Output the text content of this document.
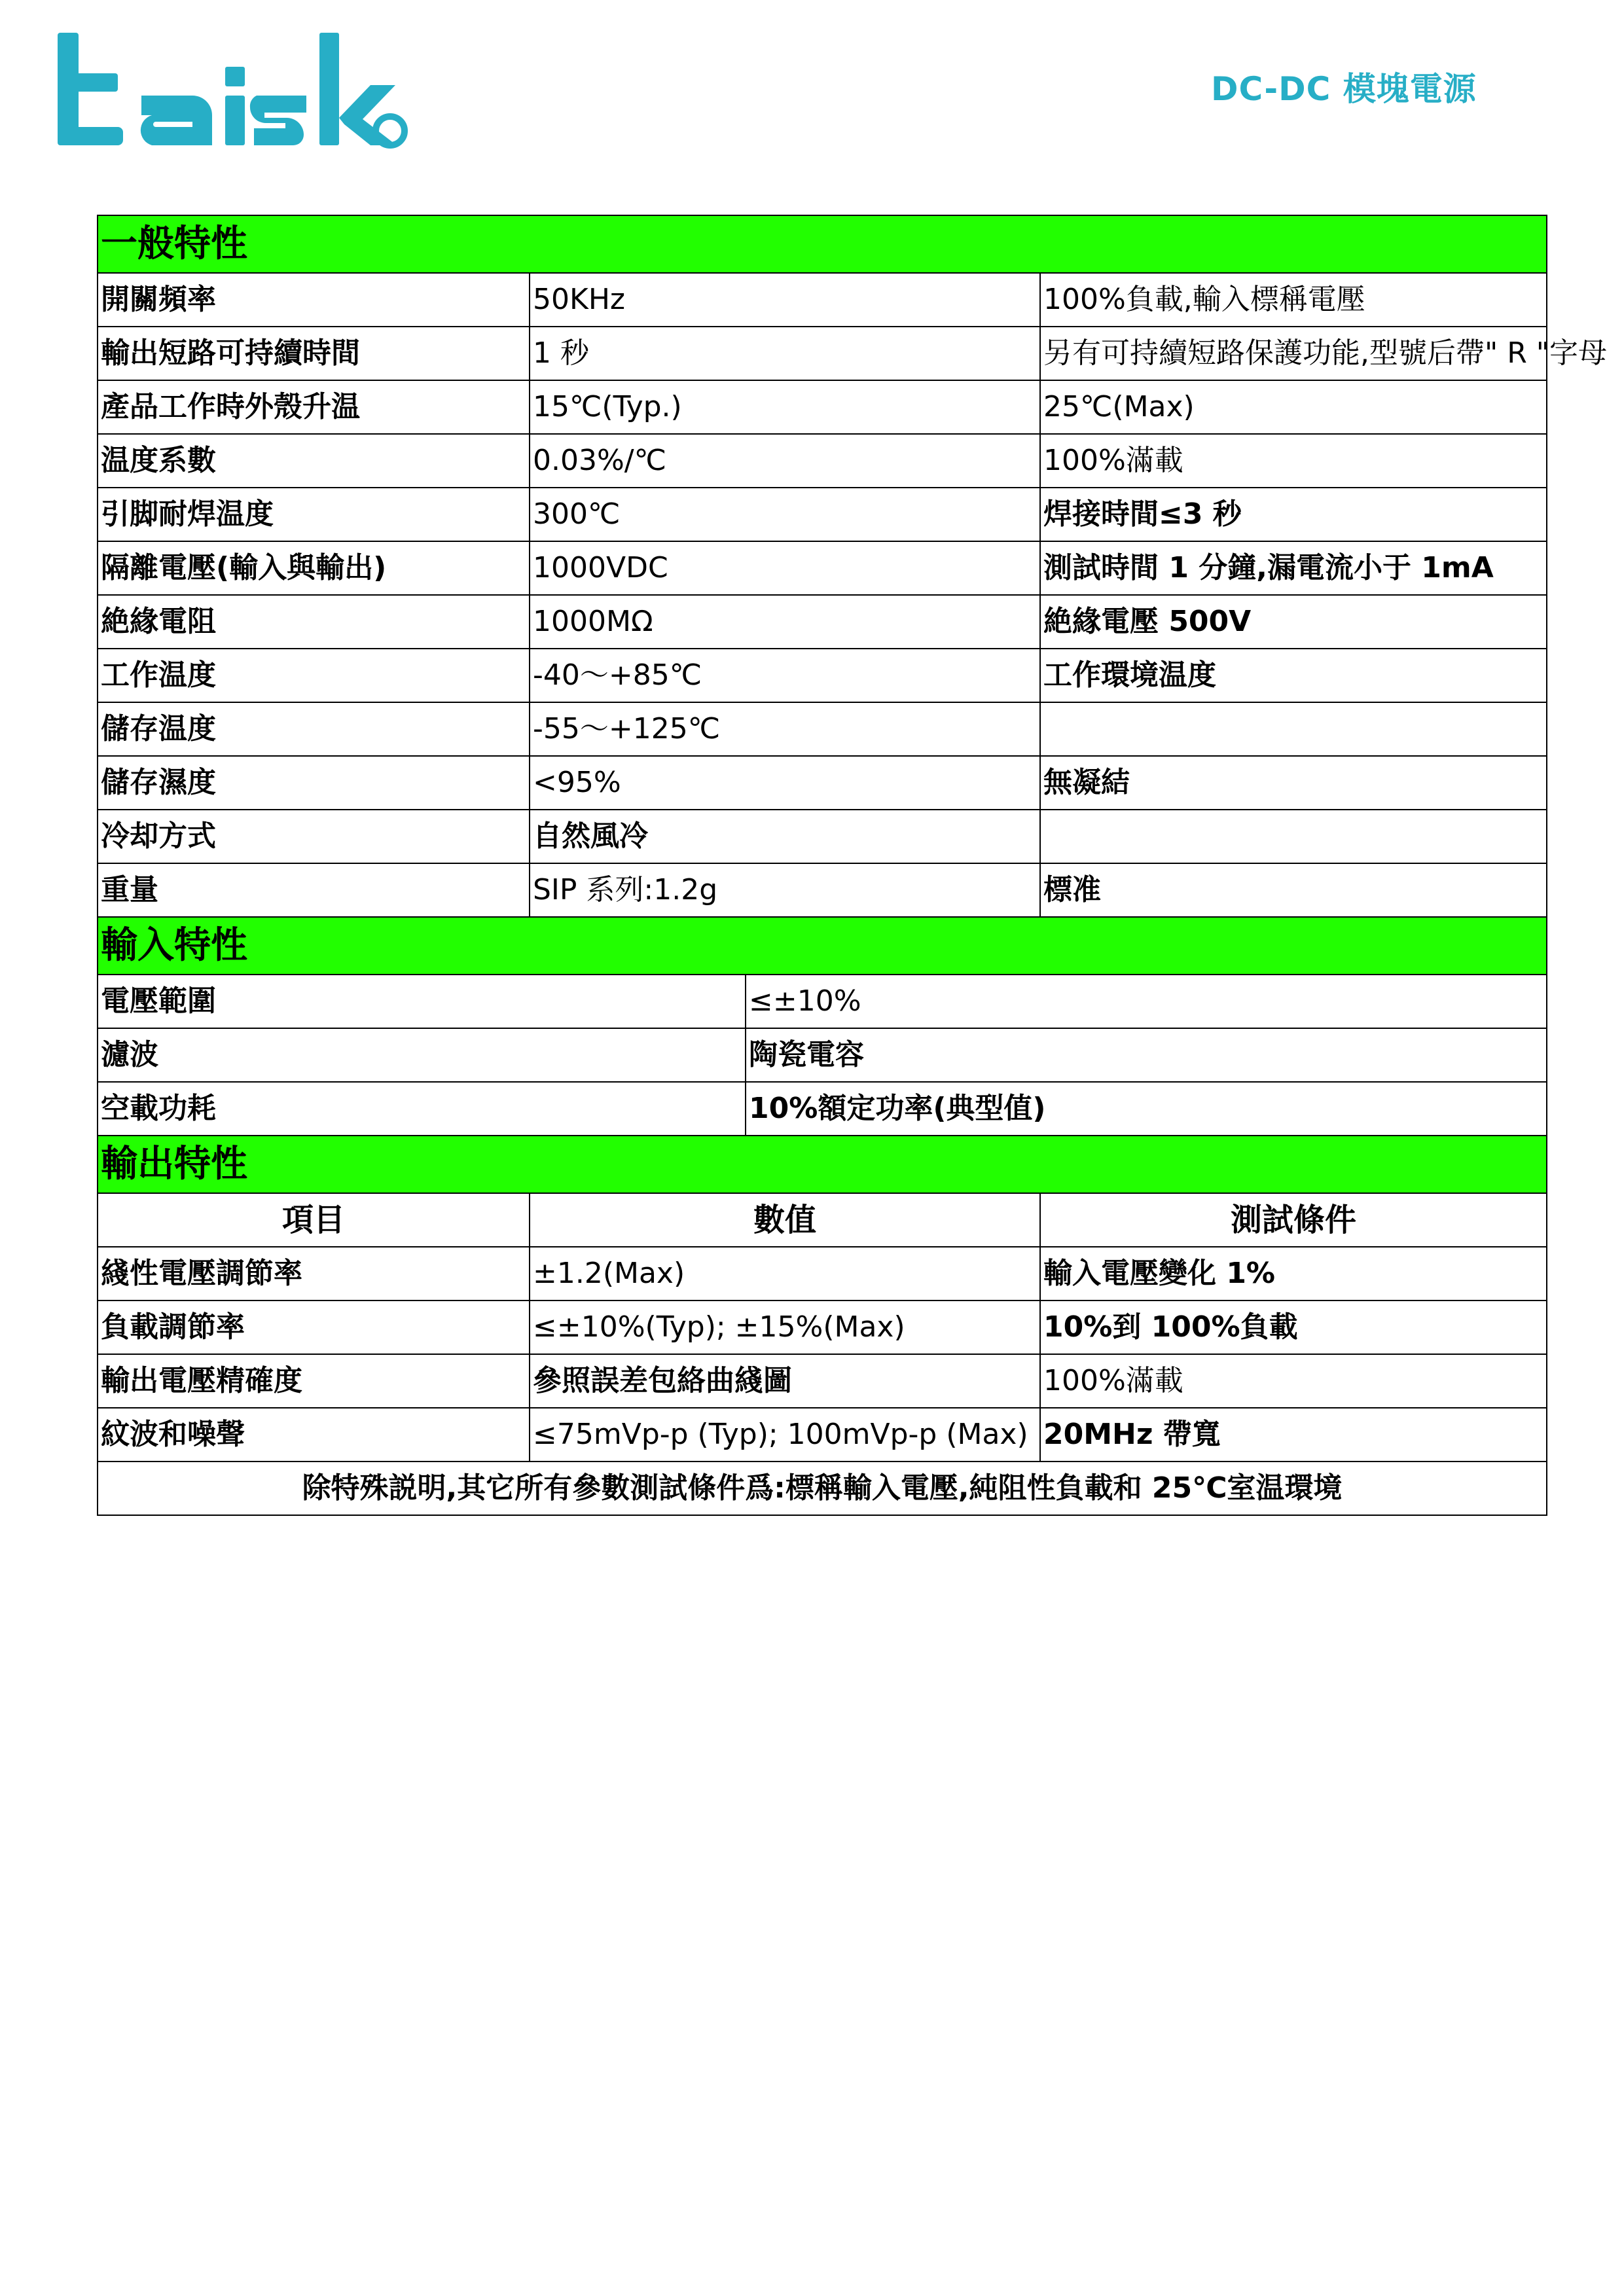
DC-DC 模塊電源
一般特性			
開關頻率	50KHz		100%負載,輸入標稱電壓
輸出短路可持續時間	1 秒		另有可持續短路保護功能,型號后帶" R "字母
產品工作時外殼升温	15℃(Typ.)		25℃(Max)
温度系數	0.03%/℃		100%滿載
引脚耐焊温度	300℃		焊接時間≤3 秒
隔離電壓(輸入與輸出)	1000VDC		測試時間 1 分鐘,漏電流小于 1mA
絶緣電阻	1000MΩ		絶緣電壓 500V
工作温度	-40～+85℃		工作環境温度
儲存温度	-55～+125℃		
儲存濕度	<95%		無凝結
冷却方式	自然風冷		
重量	SIP 系列:1.2g		標准
輸入特性			
電壓範圍		≤±10%	
濾波		陶瓷電容	
空載功耗		10%額定功率(典型值)	
輸出特性			
項目	數值		測試條件
綫性電壓調節率	±1.2(Max)		輸入電壓變化 1%
負載調節率	≤±10%(Typ); ±15%(Max)		10%到 100%負載
輸出電壓精確度	參照誤差包絡曲綫圖		100%滿載
紋波和噪聲	≤75mVp-p (Typ); 100mVp-p (Max)		20MHz 帶寬
除特殊説明,其它所有參數測試條件爲:標稱輸入電壓,純阻性負載和 25℃室温環境			
